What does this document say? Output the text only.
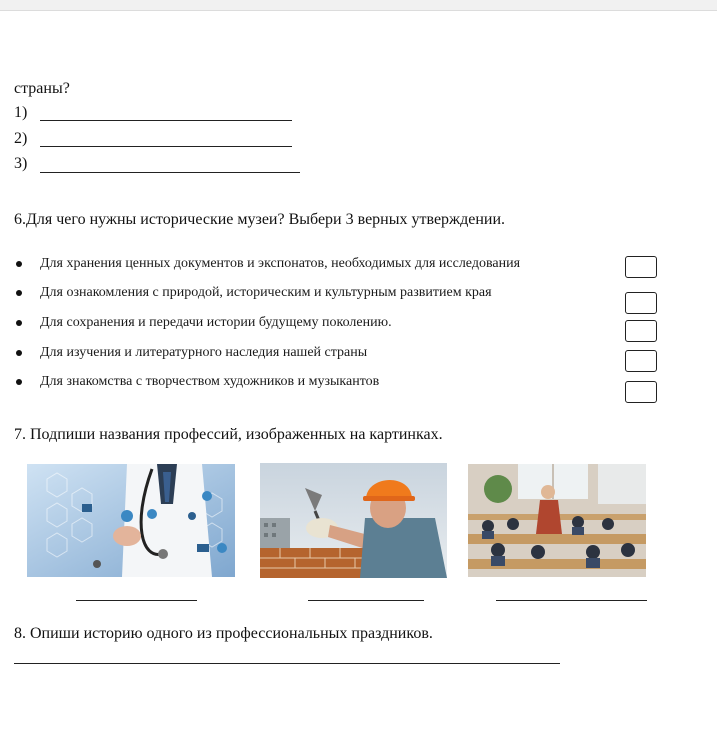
страны?
1)
2)
3)
6.Для чего нужны исторические музеи? Выбери 3 верных утверждении.
Для хранения ценных документов и экспонатов, необходимых для исследования
Для ознакомления с природой, историческим и культурным развитием края
Для сохранения и передачи истории будущему поколению.
Для изучения и литературного наследия нашей страны
Для знакомства с творчеством художников и музыкантов
7. Подпиши названия профессий, изображенных на картинках.
8. Опиши историю одного из профессиональных праздников.
